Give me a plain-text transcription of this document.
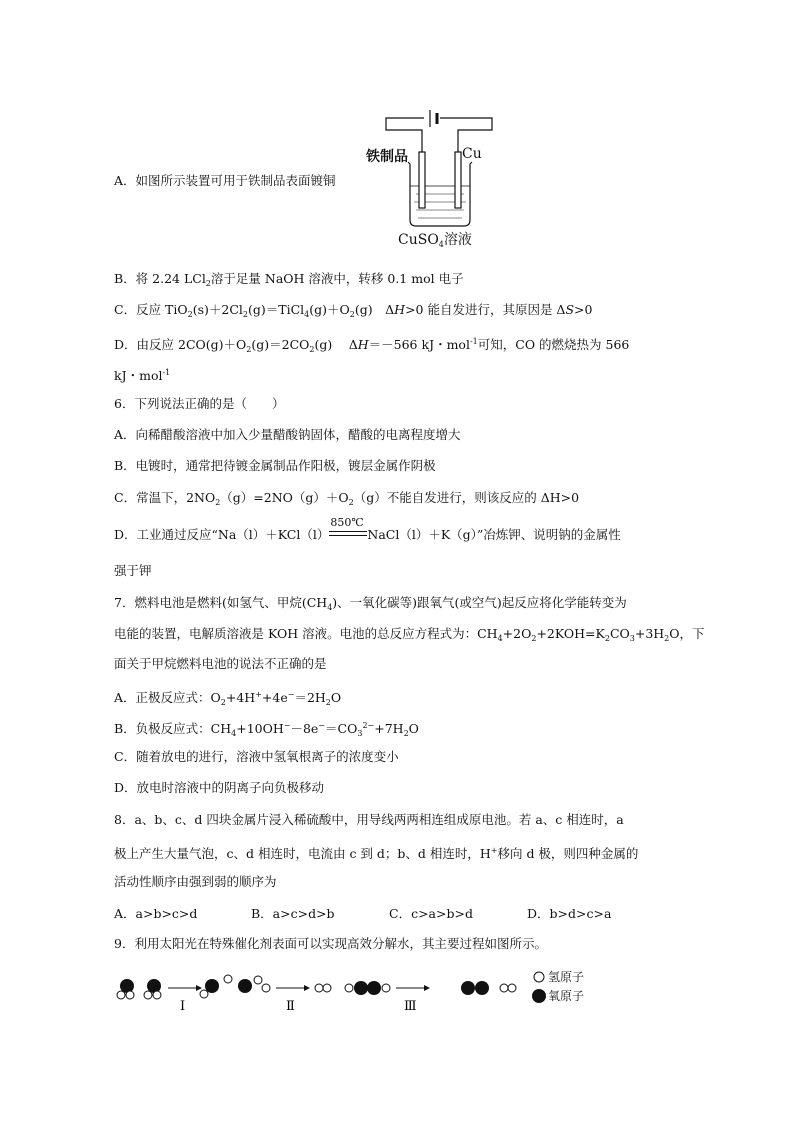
铁制品	Cu
CuSO$_4$溶液
A．如图所示装置可用于铁制品表面镀铜
B．将 2.24 LCl$_2$溶于足量 NaOH 溶液中，转移 0.1 mol 电子
C．反应 $TiO_2(s)+2Cl_2(g)=TiCl_4(g)+O_2(g)$　ΔH>0 能自发进行，其原因是 ΔS>0
D．由反应 $2CO(g)+O_2(g)=2CO_2(g)$　 ΔH＝－566 kJ・mol$^{-1}$可知，CO 的燃烧热为 566
kJ・mol$^{-1}$
6．下列说法正确的是（　　）
A．向稀醋酸溶液中加入少量醋酸钠固体，醋酸的电离程度增大
B．电镀时，通常把待镀金属制品作阳极，镀层金属作阴极
C．常温下，$2NO_2(g)=2NO(g)+O_2(g)$不能自发进行，则该反应的 ΔH>0
D．工业通过反应“Na（l）＋KCl（l）
850℃
NaCl（l）＋K（g）”冶炼钾、说明钠的金属性
强于钾
7．燃料电池是燃料(如氢气、甲烷$(CH_4)$、一氧化碳等)跟氧气(或空气)起反应将化学能转变为
电能的装置，电解质溶液是 KOH 溶液。电池的总反应方程式为：$CH_4+2O_2+2KOH=K_2CO_3+3H_2O$，下
面关于甲烷燃料电池的说法不正确的是
A．正极反应式：$O_2+4H^++4e^-=2H_2O$
B．负极反应式：$CH_4+10OH^--8e^-=CO_3^{2-}+7H_2O$
C．随着放电的进行，溶液中氢氧根离子的浓度变小
D．放电时溶液中的阴离子向负极移动
8．a、b、c、d 四块金属片浸入稀硫酸中，用导线两两相连组成原电池。若 a、c 相连时，a
极上产生大量气泡，c、d 相连时，电流由 c 到 d；b、d 相连时，H+移向 d 极，则四种金属的
活动性顺序由强到弱的顺序为
A．a>b>c>d	B．a>c>d>b	C．c>a>b>d	D．b>d>c>a
9．利用太阳光在特殊催化剂表面可以实现高效分解水，其主要过程如图所示。
Ⅰ	Ⅱ	Ⅲ
氢原子
氧原子
